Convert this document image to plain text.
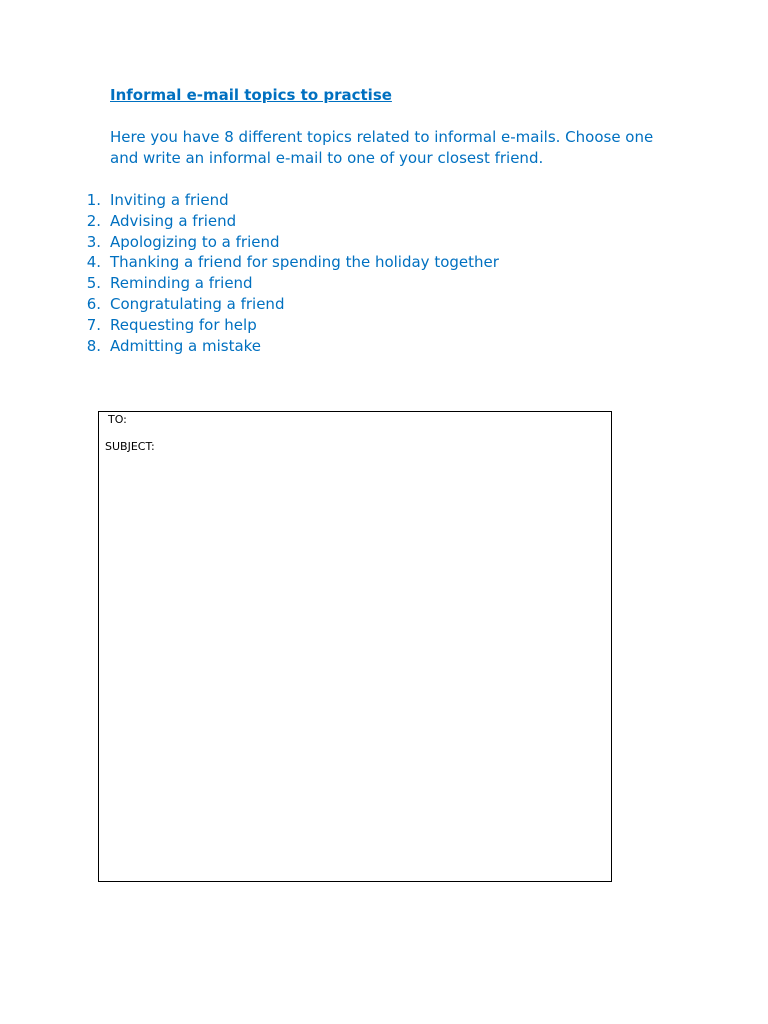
Informal e-mail topics to practise

Here you have 8 different topics related to informal e-mails. Choose one and write an informal e-mail to one of your closest friend.

1. Inviting a friend
2. Advising a friend
3. Apologizing to a friend
4. Thanking a friend for spending the holiday together
5. Reminding a friend
6. Congratulating a friend
7. Requesting for help
8. Admitting a mistake
TO:
SUBJECT:
